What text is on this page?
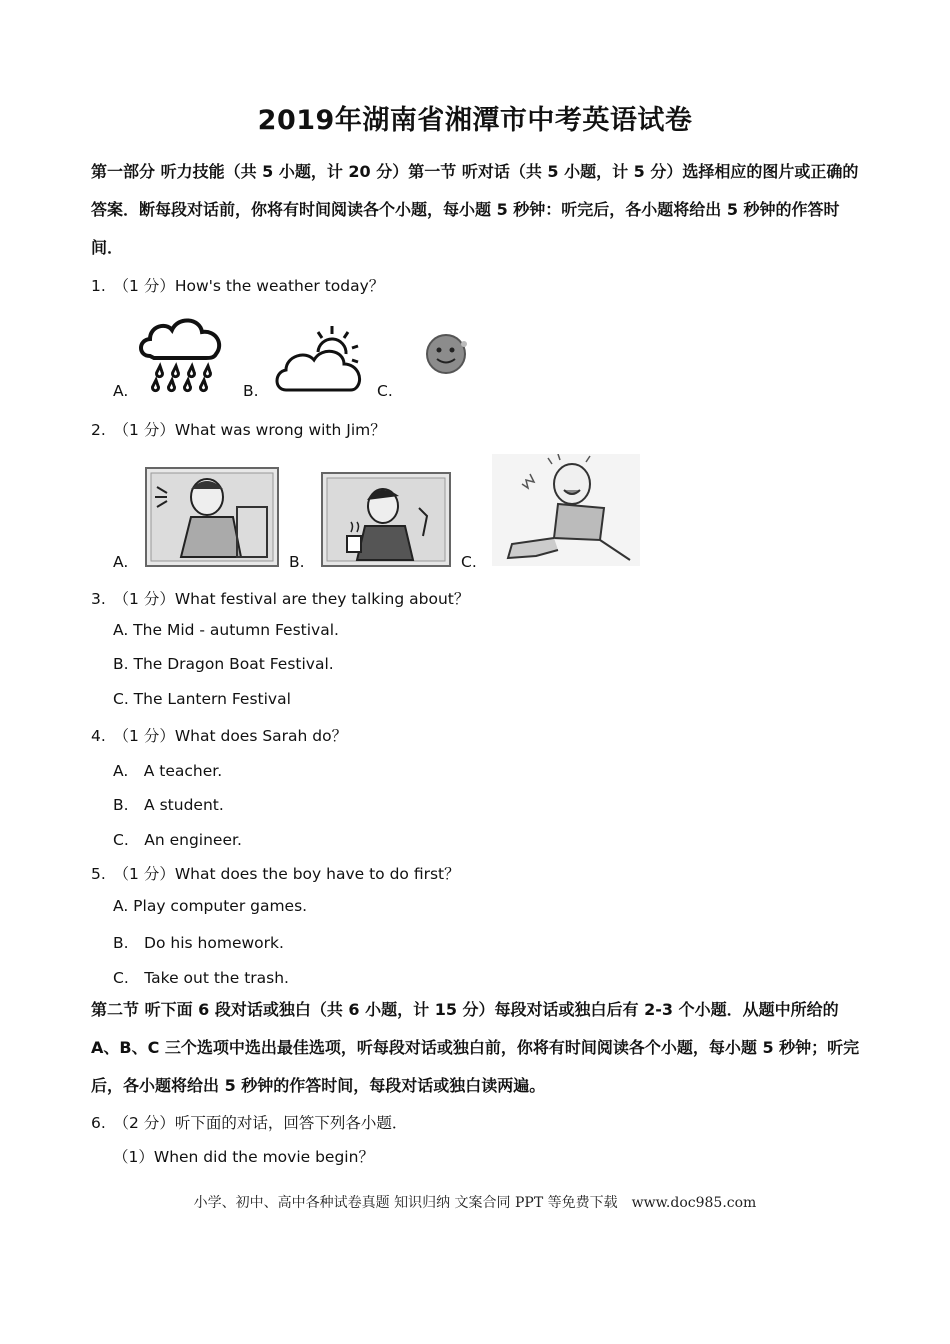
2019年湖南省湘潭市中考英语试卷
第一部分 听力技能（共 5 小题，计 20 分）第一节 听对话（共 5 小题，计 5 分）选择相应的图片或正确的答案．断每段对话前，你将有时间阅读各个小题，每小题 5 秒钟：听完后，各小题将给出 5 秒钟的作答时间．
1.　（1 分）How's the weather today？
A.	B.	C.
2.　（1 分）What was wrong with Jim？
A.	B.	C.
3.　（1 分）What festival are they talking about？
A. The Mid - autumn Festival.
B. The Dragon Boat Festival.
C. The Lantern Festival
4.　（1 分）What does Sarah do？
A.　A teacher.
B.　A student.
C.　An engineer.
5.　（1 分）What does the boy have to do first？
A. Play computer games.
B.　Do his homework.
C.　Take out the trash.
第二节 听下面 6 段对话或独白（共 6 小题，计 15 分）每段对话或独白后有 2-3 个小题．从题中所给的 A、B、C 三个选项中选出最佳选项，听每段对话或独白前，你将有时间阅读各个小题，每小题 5 秒钟；听完后，各小题将给出 5 秒钟的作答时间，每段对话或独白读两遍。
6.　（2 分）听下面的对话，回答下列各小题．
（1）When did the movie begin？
小学、初中、高中各种试卷真题 知识归纳 文案合同 PPT 等免费下载　www.doc985.com
